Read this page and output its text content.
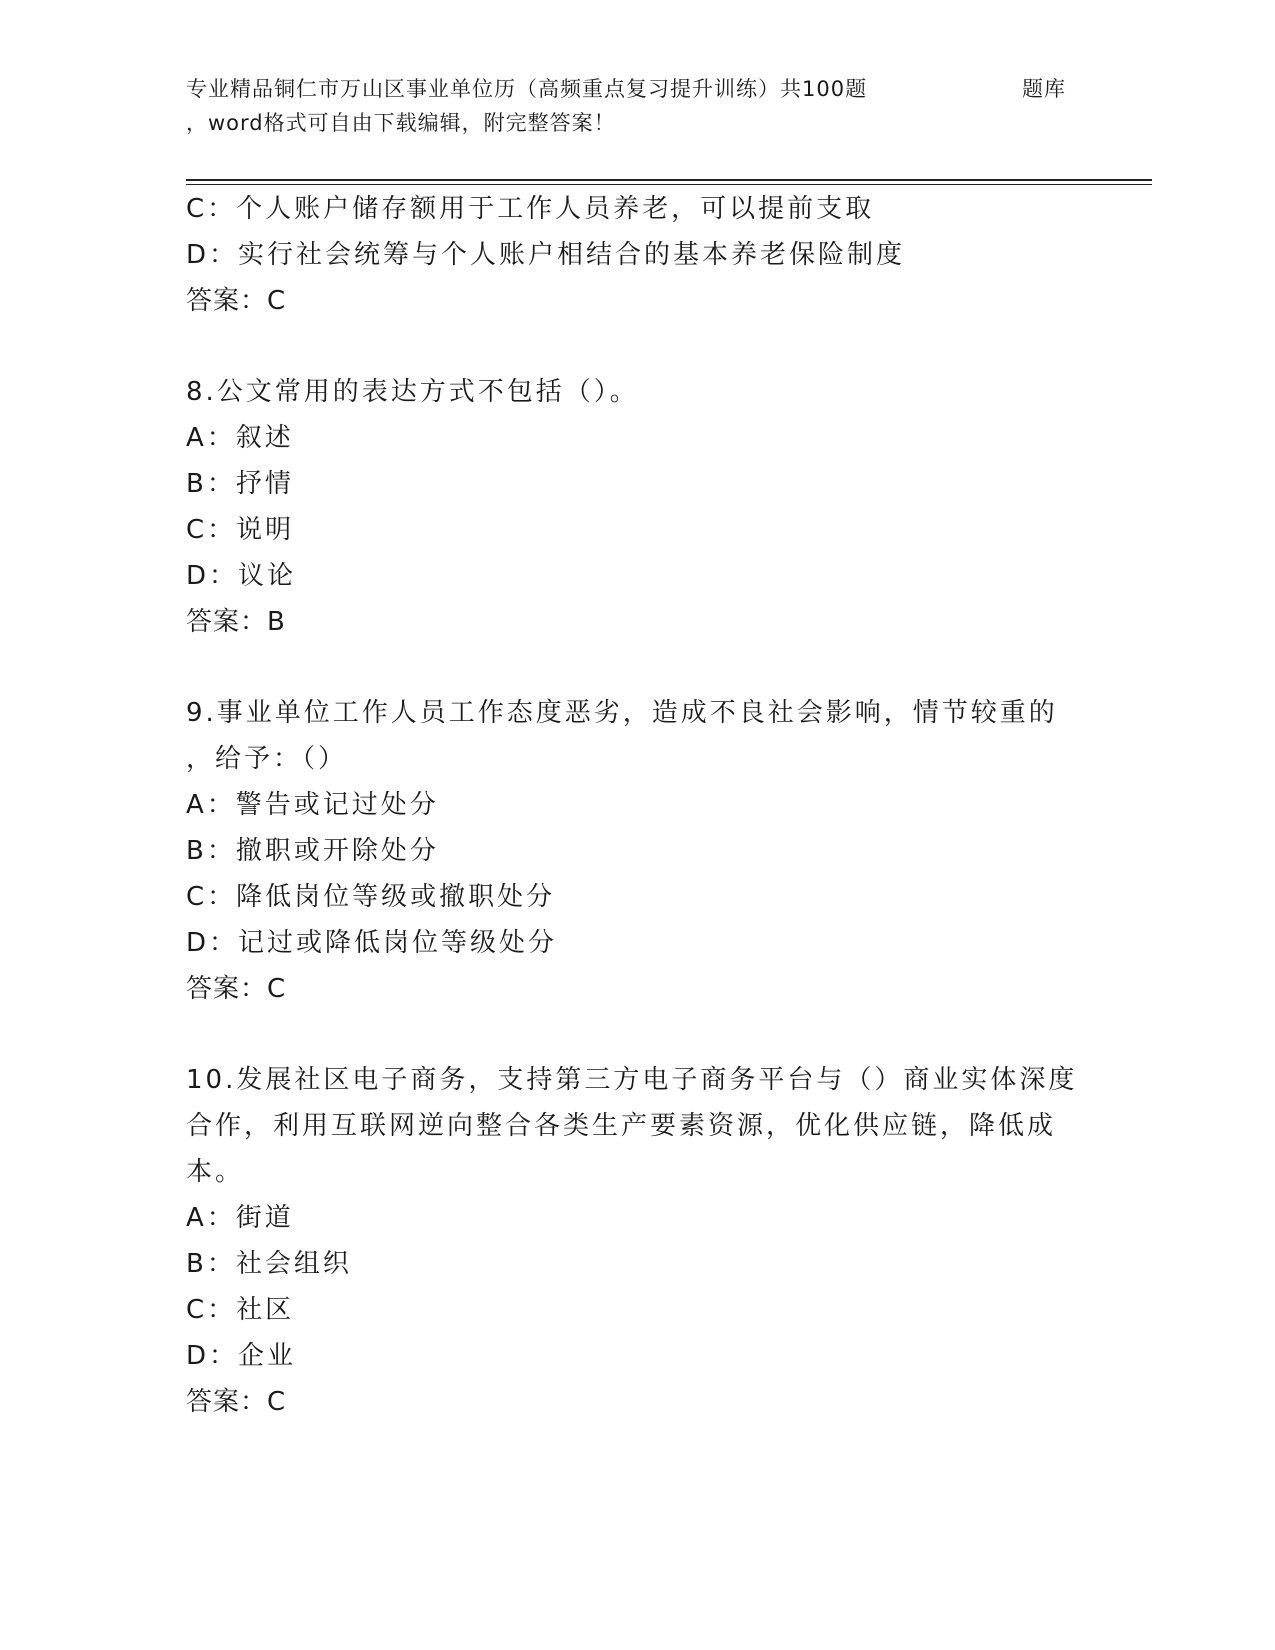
专业精品铜仁市万山区事业单位历（高频重点复习提升训练）共100题	题库
，word格式可自由下载编辑，附完整答案！
C：个人账户储存额用于工作人员养老，可以提前支取
D：实行社会统筹与个人账户相结合的基本养老保险制度
答案：C
8.公文常用的表达方式不包括（）。
A：叙述
B：抒情
C：说明
D：议论
答案：B
9.事业单位工作人员工作态度恶劣，造成不良社会影响，情节较重的
，给予：（）
A：警告或记过处分
B：撤职或开除处分
C：降低岗位等级或撤职处分
D：记过或降低岗位等级处分
答案：C
10.发展社区电子商务，支持第三方电子商务平台与（）商业实体深度
合作，利用互联网逆向整合各类生产要素资源，优化供应链，降低成
本。
A：街道
B：社会组织
C：社区
D：企业
答案：C
